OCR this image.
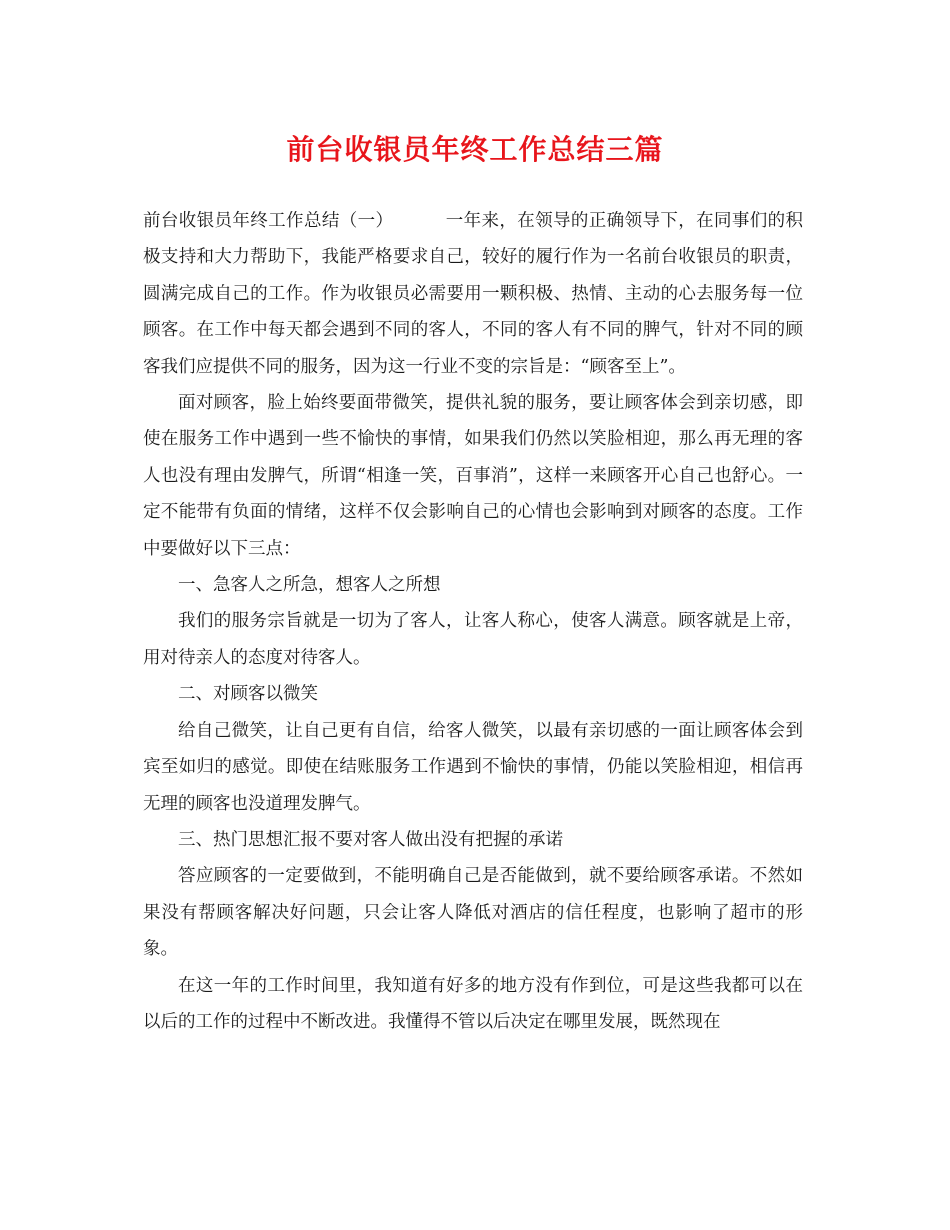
前台收银员年终工作总结三篇

前台收银员年终工作总结（一）	一年来，在领导的正确领导下，在同事们的积极支持和大力帮助下，我能严格要求自己，较好的履行作为一名前台收银员的职责，圆满完成自己的工作。作为收银员必需要用一颗积极、热情、主动的心去服务每一位顾客。在工作中每天都会遇到不同的客人，不同的客人有不同的脾气，针对不同的顾客我们应提供不同的服务，因为这一行业不变的宗旨是：“顾客至上”。

面对顾客，脸上始终要面带微笑，提供礼貌的服务，要让顾客体会到亲切感，即使在服务工作中遇到一些不愉快的事情，如果我们仍然以笑脸相迎，那么再无理的客人也没有理由发脾气，所谓“相逢一笑，百事消”，这样一来顾客开心自己也舒心。一定不能带有负面的情绪，这样不仅会影响自己的心情也会影响到对顾客的态度。工作中要做好以下三点：

一、急客人之所急，想客人之所想

我们的服务宗旨就是一切为了客人，让客人称心，使客人满意。顾客就是上帝，用对待亲人的态度对待客人。

二、对顾客以微笑

给自己微笑，让自己更有自信，给客人微笑，以最有亲切感的一面让顾客体会到宾至如归的感觉。即使在结账服务工作遇到不愉快的事情，仍能以笑脸相迎，相信再无理的顾客也没道理发脾气。

三、热门思想汇报不要对客人做出没有把握的承诺

答应顾客的一定要做到，不能明确自己是否能做到，就不要给顾客承诺。不然如果没有帮顾客解决好问题，只会让客人降低对酒店的信任程度，也影响了超市的形象。

在这一年的工作时间里，我知道有好多的地方没有作到位，可是这些我都可以在以后的工作的过程中不断改进。我懂得不管以后决定在哪里发展，既然现在
